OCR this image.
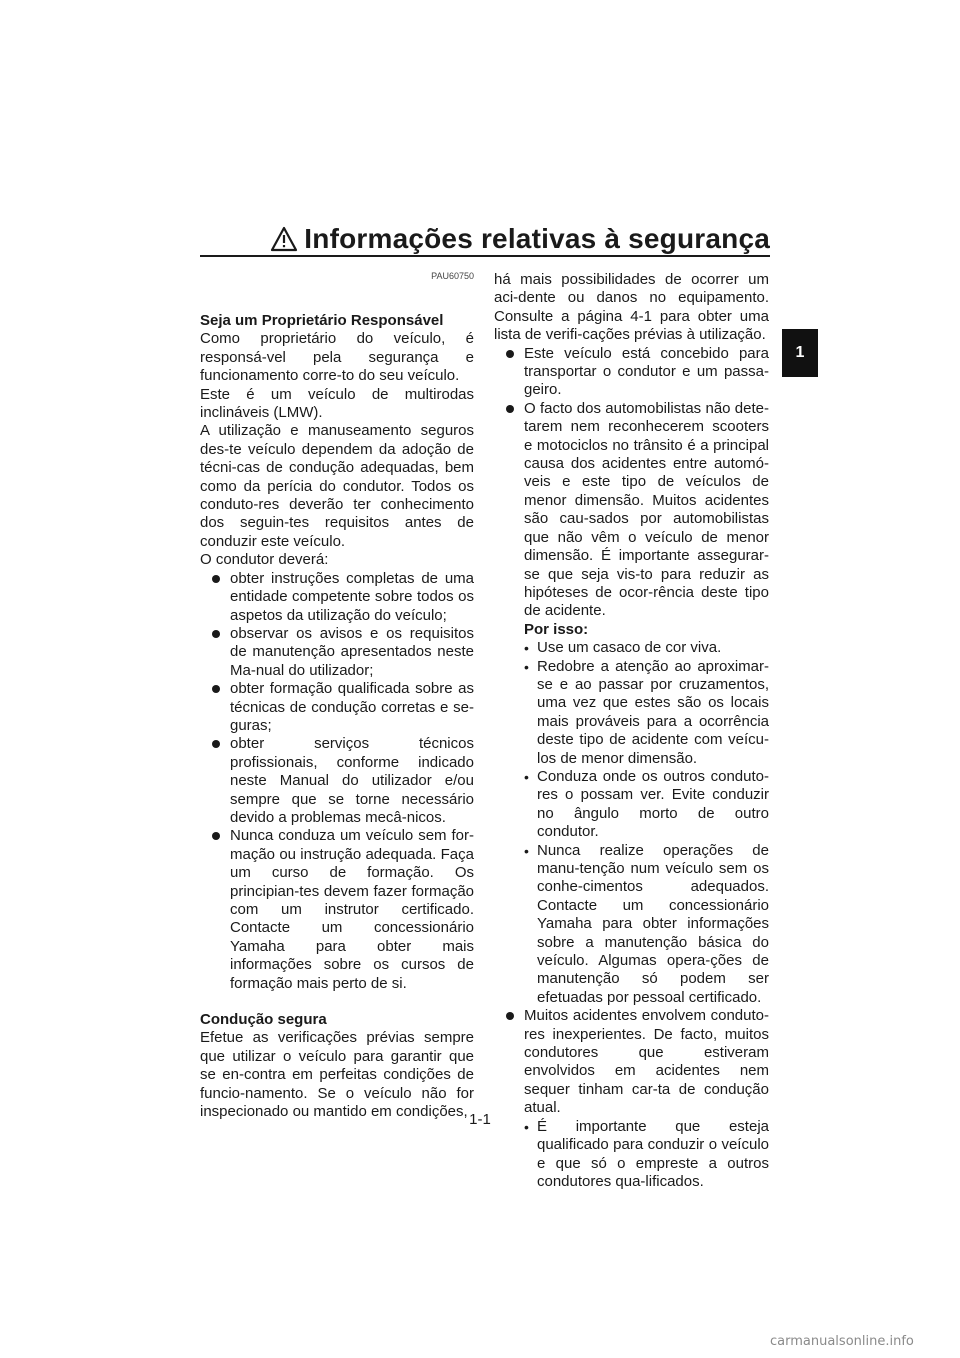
Informações relativas à segurança
1
PAU60750

Seja um Proprietário Responsável

Como proprietário do veículo, é responsá-vel pela segurança e funcionamento corre-to do seu veículo.

Este é um veículo de multirodas inclináveis (LMW).

A utilização e manuseamento seguros des-te veículo dependem da adoção de técni-cas de condução adequadas, bem como da perícia do condutor. Todos os conduto-res deverão ter conhecimento dos seguin-tes requisitos antes de conduzir este veículo.

O condutor deverá:

obter instruções completas de uma entidade competente sobre todos os aspetos da utilização do veículo;
observar os avisos e os requisitos de manutenção apresentados neste Ma-nual do utilizador;
obter formação qualificada sobre as técnicas de condução corretas e se-guras;
obter serviços técnicos profissionais, conforme indicado neste Manual do utilizador e/ou sempre que se torne necessário devido a problemas mecâ-nicos.
Nunca conduza um veículo sem for-mação ou instrução adequada. Faça um curso de formação. Os principian-tes devem fazer formação com um instrutor certificado. Contacte um concessionário Yamaha para obter mais informações sobre os cursos de formação mais perto de si.

Condução segura

Efetue as verificações prévias sempre que utilizar o veículo para garantir que se en-contra em perfeitas condições de funcio-namento. Se o veículo não for inspecionado ou mantido em condições,

há mais possibilidades de ocorrer um aci-dente ou danos no equipamento. Consulte a página 4-1 para obter uma lista de verifi-cações prévias à utilização.

Este veículo está concebido para transportar o condutor e um passa-geiro.
O facto dos automobilistas não dete-tarem nem reconhecerem scooters e motociclos no trânsito é a principal causa dos acidentes entre automó-veis e este tipo de veículos de menor dimensão. Muitos acidentes são cau-sados por automobilistas que não vêm o veículo de menor dimensão. É importante assegurar-se que seja vis-to para reduzir as hipóteses de ocor-rência deste tipo de acidente.
Por isso:
• Use um casaco de cor viva.
• Redobre a atenção ao aproximar-se e ao passar por cruzamentos, uma vez que estes são os locais mais prováveis para a ocorrência deste tipo de acidente com veícu-los de menor dimensão.
• Conduza onde os outros conduto-res o possam ver. Evite conduzir no ângulo morto de outro condutor.
• Nunca realize operações de manu-tenção num veículo sem os conhe-cimentos adequados. Contacte um concessionário Yamaha para obter informações sobre a manutenção básica do veículo. Algumas opera-ções de manutenção só podem ser efetuadas por pessoal certificado.
Muitos acidentes envolvem conduto-res inexperientes. De facto, muitos condutores que estiveram envolvidos em acidentes nem sequer tinham car-ta de condução atual.
• É importante que esteja qualificado para conduzir o veículo e que só o empreste a outros condutores qua-lificados.
1-1
carmanualsonline.info
